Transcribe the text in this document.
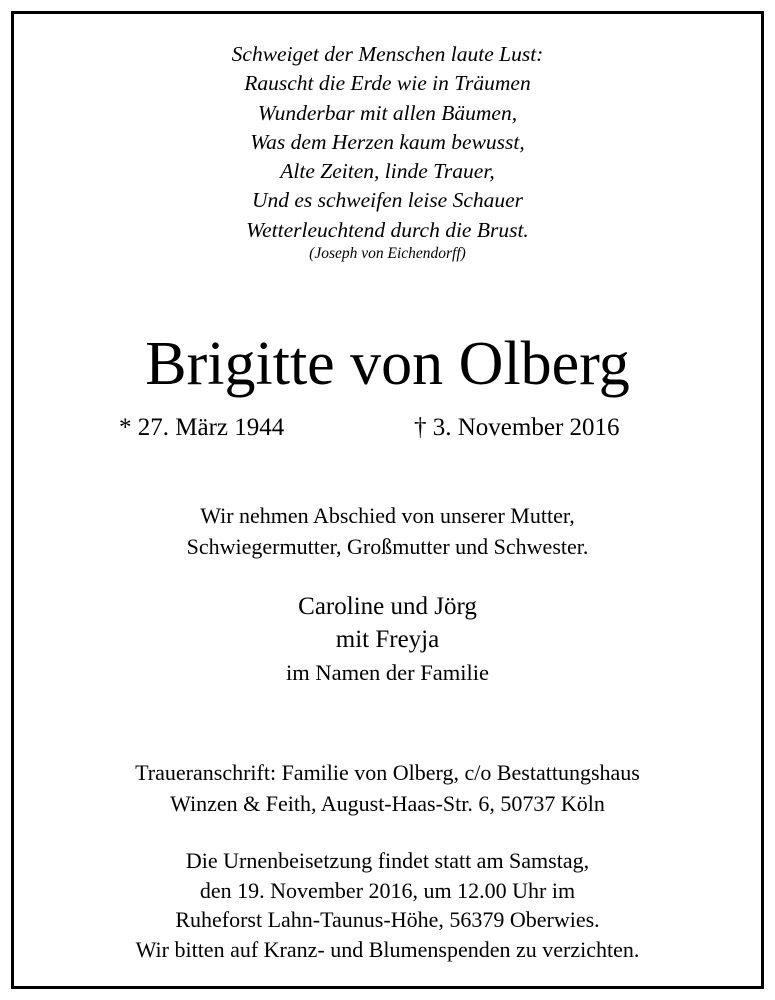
Schweiget der Menschen laute Lust:
Rauscht die Erde wie in Träumen
Wunderbar mit allen Bäumen,
Was dem Herzen kaum bewusst,
Alte Zeiten, linde Trauer,
Und es schweifen leise Schauer
Wetterleuchtend durch die Brust.
(Joseph von Eichendorff)
Brigitte von Olberg
* 27. März 1944	† 3. November 2016
Wir nehmen Abschied von unserer Mutter,
Schwiegermutter, Großmutter und Schwester.
Caroline und Jörg
mit Freyja
im Namen der Familie
Traueranschrift: Familie von Olberg, c/o Bestattungshaus
Winzen & Feith, August-Haas-Str. 6, 50737 Köln
Die Urnenbeisetzung findet statt am Samstag,
den 19. November 2016, um 12.00 Uhr im
Ruheforst Lahn-Taunus-Höhe, 56379 Oberwies.
Wir bitten auf Kranz- und Blumenspenden zu verzichten.
